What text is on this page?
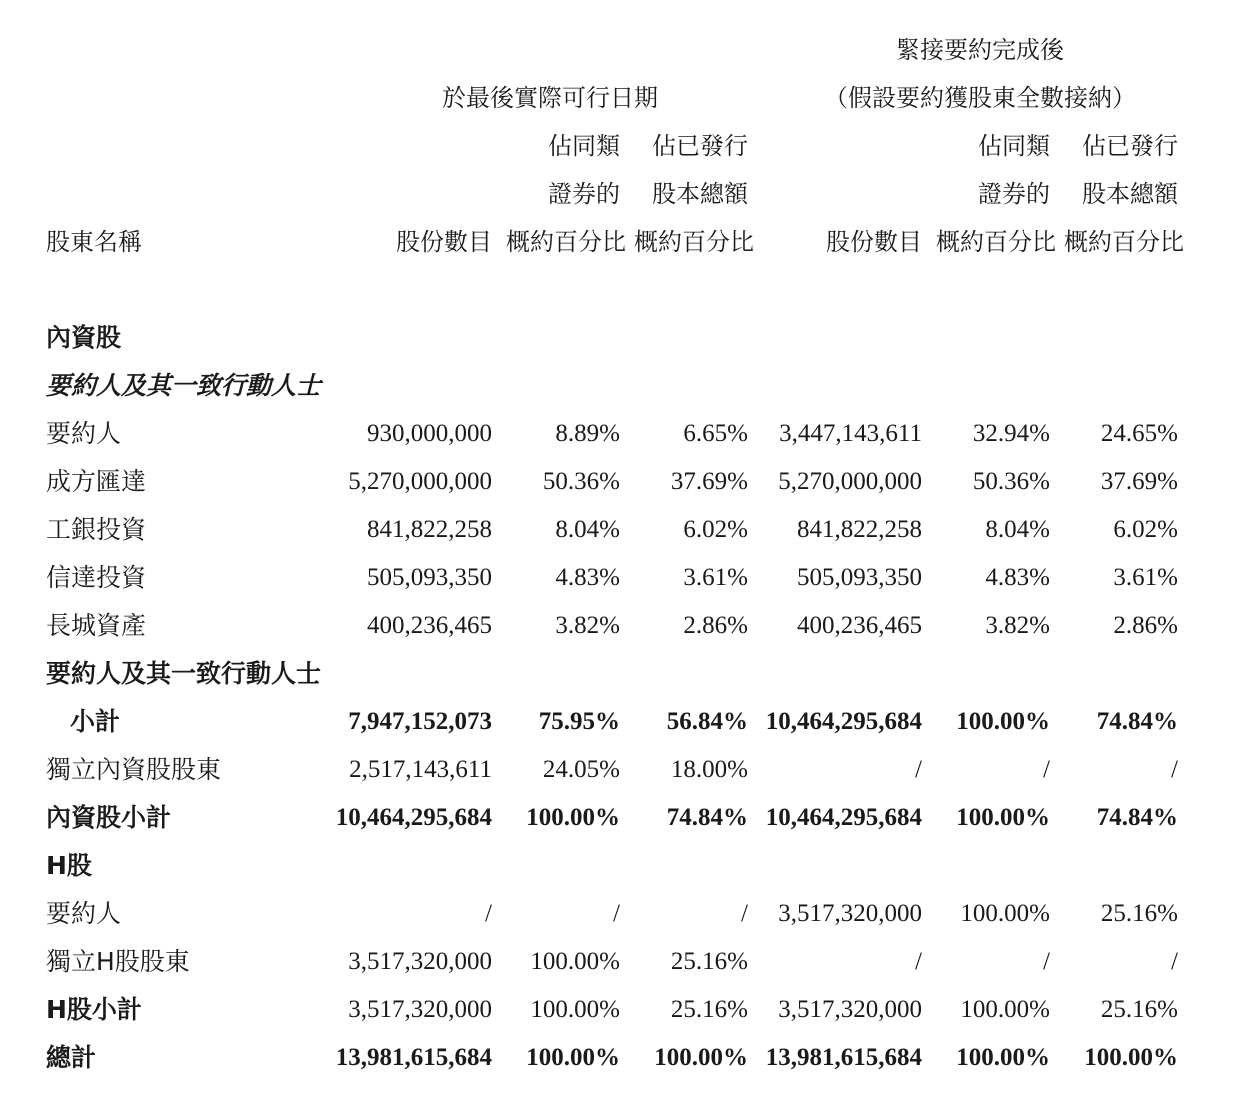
緊接要約完成後
（假設要約獲股東全數接納）
於最後實際可行日期
佔同類 佔已發行	佔同類 佔已發行
證券的 股本總額	證券的 股本總額
股東名稱	股份數目 概約百分比 概約百分比	股份數目 概約百分比 概約百分比
內資股
要約人及其一致行動人士
要約人	930,000,000	8.89%	6.65% 3,447,143,611 32.94% 24.65%
成方匯達	5,270,000,000 50.36% 37.69% 5,270,000,000 50.36% 37.69%
工銀投資	841,822,258	8.04%	6.02% 841,822,258	8.04%	6.02%
信達投資	505,093,350	4.83%	3.61% 505,093,350	4.83%	3.61%
長城資產	400,236,465	3.82%	2.86% 400,236,465	3.82%	2.86%
要約人及其一致行動人士
小計	7,947,152,073 75.95% 56.84% 10,464,295,684 100.00% 74.84%
獨立內資股股東	2,517,143,611 24.05% 18.00%	/	/	/
內資股小計	10,464,295,684 100.00% 74.84% 10,464,295,684 100.00% 74.84%
H股
要約人	/	/	/ 3,517,320,000 100.00% 25.16%
獨立H股股東	3,517,320,000 100.00% 25.16%	/	/	/
H股小計	3,517,320,000 100.00% 25.16% 3,517,320,000 100.00% 25.16%
總計	13,981,615,684 100.00% 100.00% 13,981,615,684 100.00% 100.00%
